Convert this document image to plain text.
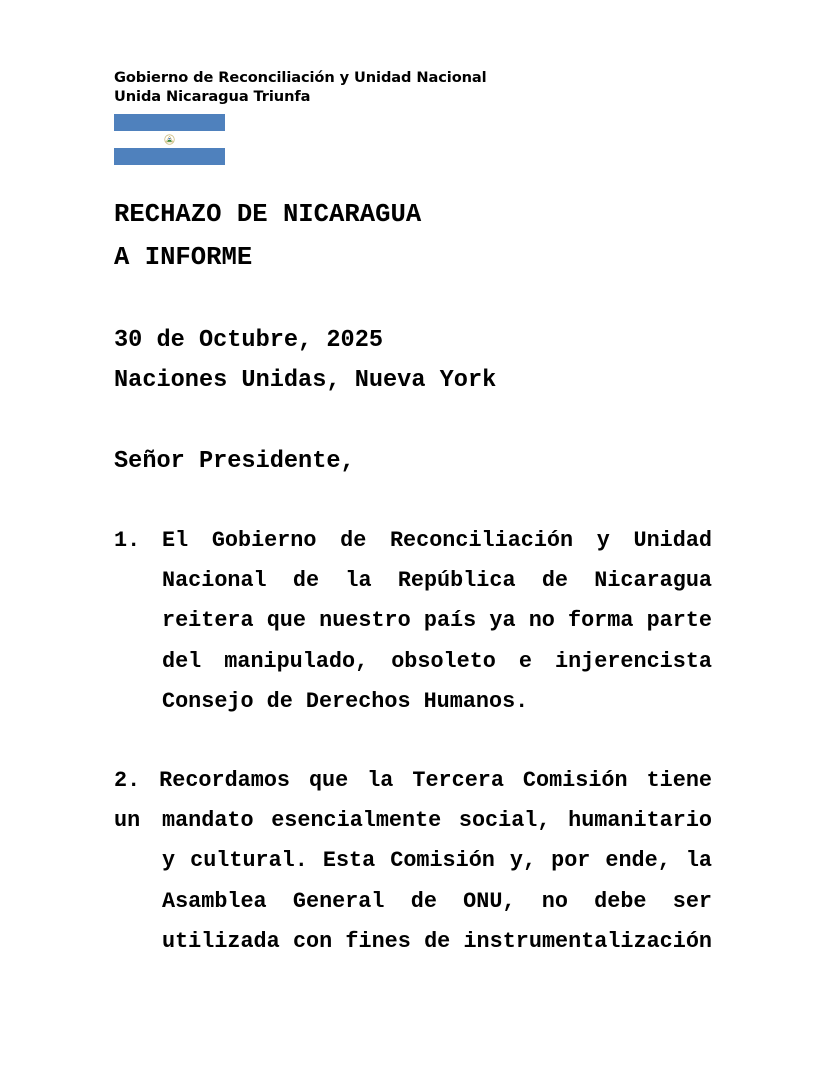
Gobierno de Reconciliación y Unidad Nacional
Unida Nicaragua Triunfa
RECHAZO DE NICARAGUA
A INFORME
30 de Octubre, 2025
Naciones Unidas, Nueva York
Señor Presidente,
1. El Gobierno de Reconciliación y Unidad
Nacional de la República de Nicaragua
reitera que nuestro país ya no forma parte
del manipulado, obsoleto e injerencista
Consejo de Derechos Humanos.
2. Recordamos que la Tercera Comisión tiene un	mandato esencialmente social, humanitario
y cultural. Esta Comisión y, por ende, la
Asamblea General de ONU, no debe ser
utilizada con fines de instrumentalización
